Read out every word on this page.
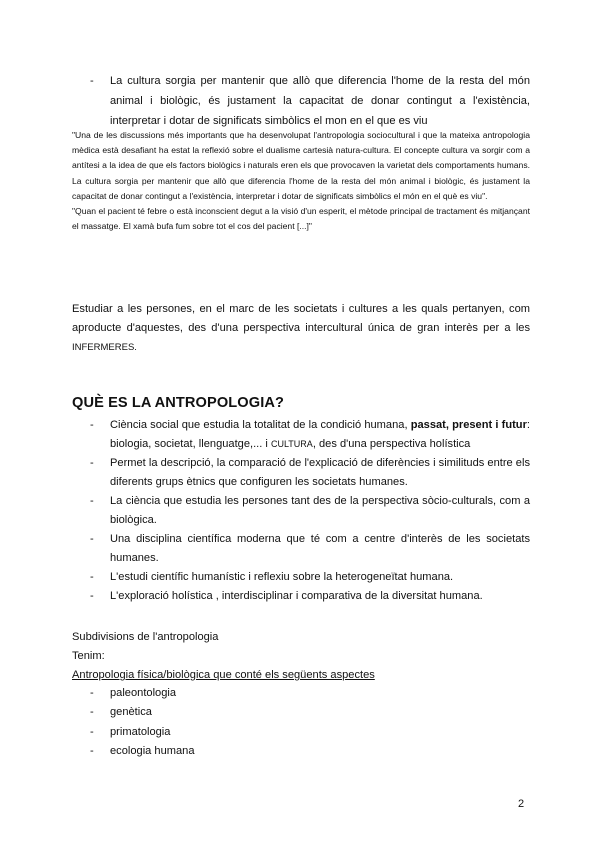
- La cultura sorgia per mantenir que allò que diferencia l'home de la resta del món animal i biològic, és justament la capacitat de donar contingut a l'existència, interpretar i dotar de significats simbòlics el mon en el que es viu

"Una de les discussions més importants que ha desenvolupat l'antropologia sociocultural i que la mateixa antropologia mèdica està desafiant ha estat la reflexió sobre el dualisme cartesià natura-cultura. El concepte cultura va sorgir com a antítesi a la idea de que els factors biològics i naturals eren els que provocaven la varietat dels comportaments humans. La cultura sorgia per mantenir que allò que diferencia l'home de la resta del món animal i biològic, és justament la capacitat de donar contingut a l'existència, interpretar i dotar de significats simbòlics el món en el què es viu".

"Quan el pacient té febre o està inconscient degut a la visió d'un esperit, el mètode principal de tractament és mitjançant el massatge. El xamà bufa fum sobre tot el cos del pacient [...]"

Estudiar a les persones, en el marc de les societats i cultures a les quals pertanyen, com aproducte d'aquestes, des d'una perspectiva intercultural única de gran interès per a les INFERMERES.

QUÈ ES LA ANTROPOLOGIA?
- Ciència social que estudia la totalitat de la condició humana, passat, present i futur: biologia, societat, llenguatge,... i CULTURA, des d'una perspectiva holística
- Permet la descripció, la comparació de l'explicació de diferències i similituds entre els diferents grups ètnics que configuren les societats humanes.
- La ciència que estudia les persones tant des de la perspectiva sòcio-culturals, com a biològica.
- Una disciplina científica moderna que té com a centre d'interès de les societats humanes.
- L'estudi científic humanístic i reflexiu sobre la heterogeneïtat humana.
- L'exploració holística , interdisciplinar i comparativa de la diversitat humana.
Subdivisions de l'antropologia
Tenim:
Antropologia física/biològica que conté els següents aspectes
- paleontologia
- genètica
- primatologia
- ecologia humana
2
